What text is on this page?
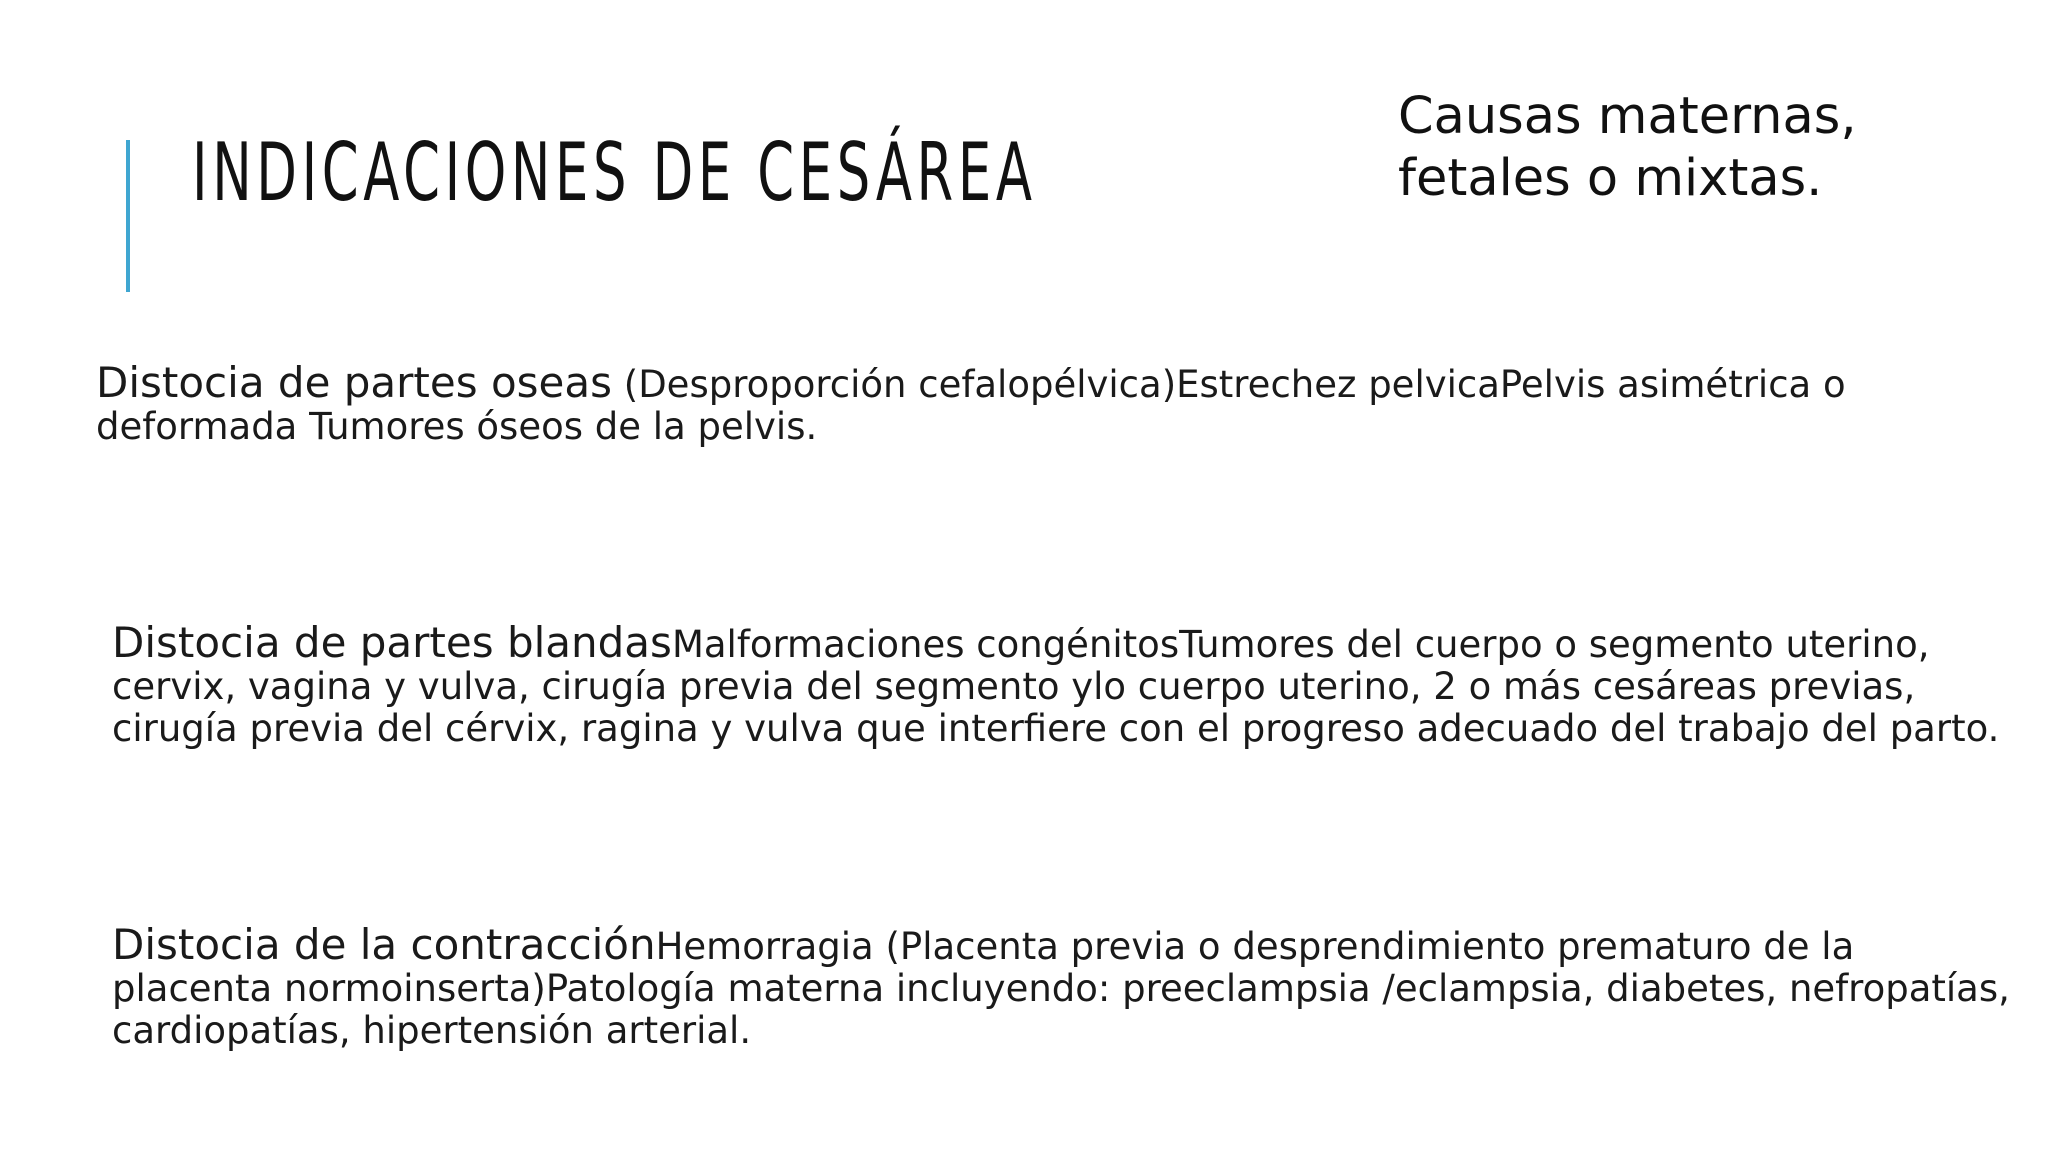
INDICACIONES DE CESÁREA

Causas maternas, fetales o mixtas.

Distocia de partes oseas (Desproporción cefalopélvica)Estrechez pelvicaPelvis asimétrica o deformada Tumores óseos de la pelvis.

Distocia de partes blandasMalformaciones congénitosTumores del cuerpo o segmento uterino, cervix, vagina y vulva, cirugía previa del segmento ylo cuerpo uterino, 2 o más cesáreas previas, cirugía previa del cérvix, ragina y vulva que interfiere con el progreso adecuado del trabajo del parto.

Distocia de la contracciónHemorragia (Placenta previa o desprendimiento prematuro de la placenta normoinserta)Patología materna incluyendo: preeclampsia /eclampsia, diabetes, nefropatías, cardiopatías, hipertensión arterial.
